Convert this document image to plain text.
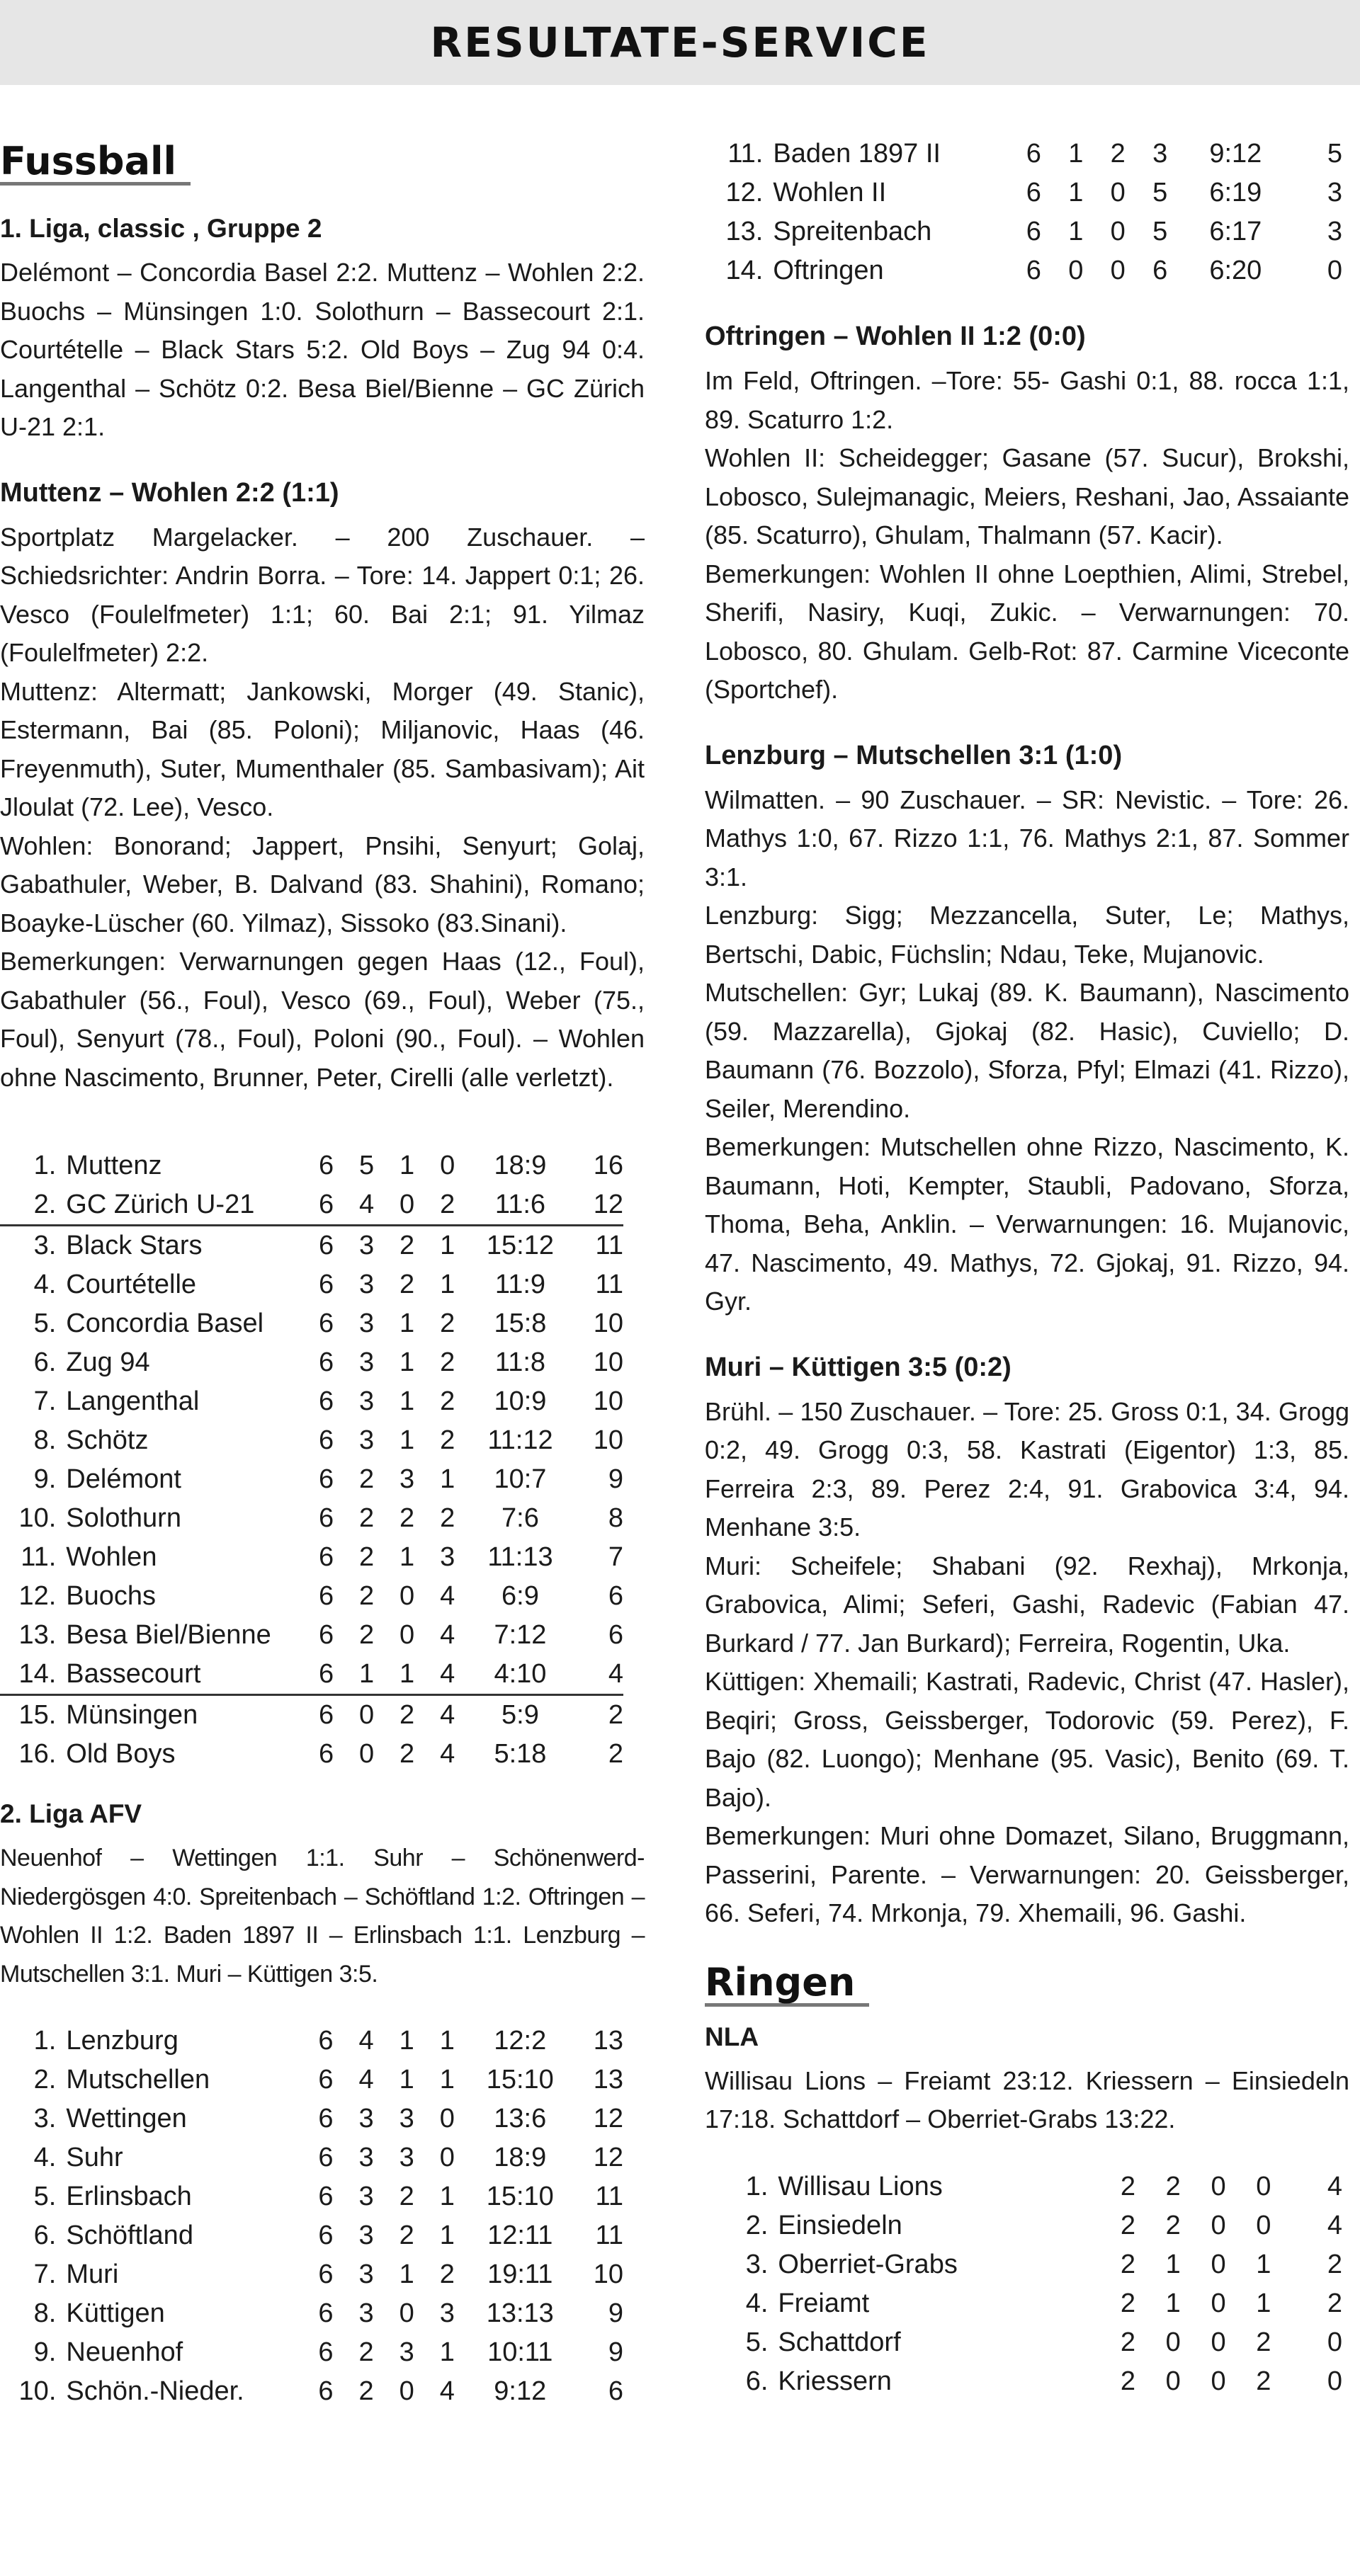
RESULTATE-SERVICE
Fussball
1. Liga, classic , Gruppe 2

Delémont – Concordia Basel 2:2. Muttenz – Wohlen 2:2. Buochs – Münsingen 1:0. Solothurn – Bassecourt 2:1. Courtételle – Black Stars 5:2. Old Boys – Zug 94 0:4. Langenthal – Schötz 0:2. Besa Biel/Bienne – GC Zürich U-21 2:1.

Muttenz – Wohlen 2:2 (1:1)

Sportplatz Margelacker. – 200 Zuschauer. – Schiedsrichter: Andrin Borra. – Tore: 14. Jappert 0:1; 26. Vesco (Foulelfmeter) 1:1; 60. Bai 2:1; 91. Yilmaz (Foulelfmeter) 2:2.

Muttenz: Altermatt; Jankowski, Morger (49. Stanic), Estermann, Bai (85. Poloni); Miljanovic, Haas (46. Freyenmuth), Suter, Mumenthaler (85. Sambasivam); Ait Jloulat (72. Lee), Vesco.

Wohlen: Bonorand; Jappert, Pnsihi, Senyurt; Golaj, Gabathuler, Weber, B. Dalvand (83. Shahini), Romano; Boayke-Lüscher (60. Yilmaz), Sissoko (83.Sinani).

Bemerkungen: Verwarnungen gegen Haas (12., Foul), Gabathuler (56., Foul), Vesco (69., Foul), Weber (75., Foul), Senyurt (78., Foul), Poloni (90., Foul). – Wohlen ohne Nascimento, Brunner, Peter, Cirelli (alle verletzt).

1.	Muttenz	6	5	1	0	18:9	16
2.	GC Zürich U-21	6	4	0	2	11:6	12
3.	Black Stars	6	3	2	1	15:12	11
4.	Courtételle	6	3	2	1	11:9	11
5.	Concordia Basel	6	3	1	2	15:8	10
6.	Zug 94	6	3	1	2	11:8	10
7.	Langenthal	6	3	1	2	10:9	10
8.	Schötz	6	3	1	2	11:12	10
9.	Delémont	6	2	3	1	10:7	9
10.	Solothurn	6	2	2	2	7:6	8
11.	Wohlen	6	2	1	3	11:13	7
12.	Buochs	6	2	0	4	6:9	6
13.	Besa Biel/Bienne	6	2	0	4	7:12	6
14.	Bassecourt	6	1	1	4	4:10	4
15.	Münsingen	6	0	2	4	5:9	2
16.	Old Boys	6	0	2	4	5:18	2
2. Liga AFV

Neuenhof – Wettingen 1:1. Suhr – Schönenwerd-Niedergösgen 4:0. Spreitenbach – Schöftland 1:2. Oftringen – Wohlen II 1:2. Baden 1897 II – Erlinsbach 1:1. Lenzburg – Mutschellen 3:1. Muri – Küttigen 3:5.

1.	Lenzburg	6	4	1	1	12:2	13
2.	Mutschellen	6	4	1	1	15:10	13
3.	Wettingen	6	3	3	0	13:6	12
4.	Suhr	6	3	3	0	18:9	12
5.	Erlinsbach	6	3	2	1	15:10	11
6.	Schöftland	6	3	2	1	12:11	11
7.	Muri	6	3	1	2	19:11	10
8.	Küttigen	6	3	0	3	13:13	9
9.	Neuenhof	6	2	3	1	10:11	9
10.	Schön.-Nieder.	6	2	0	4	9:12	6
11.	Baden 1897 II	6	1	2	3	9:12	5
12.	Wohlen II	6	1	0	5	6:19	3
13.	Spreitenbach	6	1	0	5	6:17	3
14.	Oftringen	6	0	0	6	6:20	0
Oftringen – Wohlen II 1:2 (0:0)

Im Feld, Oftringen. –Tore: 55- Gashi 0:1, 88. rocca 1:1, 89. Scaturro 1:2.

Wohlen II: Scheidegger; Gasane (57. Sucur), Brokshi, Lobosco, Sulejmanagic, Meiers, Reshani, Jao, Assaiante (85. Scaturro), Ghulam, Thalmann (57. Kacir).

Bemerkungen: Wohlen II ohne Loepthien, Alimi, Strebel, Sherifi, Nasiry, Kuqi, Zukic. – Verwarnungen: 70. Lobosco, 80. Ghulam. Gelb-Rot: 87. Carmine Viceconte (Sportchef).

Lenzburg – Mutschellen 3:1 (1:0)

Wilmatten. – 90 Zuschauer. – SR: Nevistic. – Tore: 26. Mathys 1:0, 67. Rizzo 1:1, 76. Mathys 2:1, 87. Sommer 3:1.

Lenzburg: Sigg; Mezzancella, Suter, Le; Mathys, Bertschi, Dabic, Füchslin; Ndau, Teke, Mujanovic.

Mutschellen: Gyr; Lukaj (89. K. Baumann), Nascimento (59. Mazzarella), Gjokaj (82. Hasic), Cuviello; D. Baumann (76. Bozzolo), Sforza, Pfyl; Elmazi (41. Rizzo), Seiler, Merendino.

Bemerkungen: Mutschellen ohne Rizzo, Nascimento, K. Baumann, Hoti, Kempter, Staubli, Padovano, Sforza, Thoma, Beha, Anklin. – Verwarnungen: 16. Mujanovic, 47. Nascimento, 49. Mathys, 72. Gjokaj, 91. Rizzo, 94. Gyr.

Muri – Küttigen 3:5 (0:2)

Brühl. – 150 Zuschauer. – Tore: 25. Gross 0:1, 34. Grogg 0:2, 49. Grogg 0:3, 58. Kastrati (Eigentor) 1:3, 85. Ferreira 2:3, 89. Perez 2:4, 91. Grabovica 3:4, 94. Menhane 3:5.

Muri: Scheifele; Shabani (92. Rexhaj), Mrkonja, Grabovica, Alimi; Seferi, Gashi, Radevic (Fabian 47. Burkard / 77. Jan Burkard); Ferreira, Rogentin, Uka.

Küttigen: Xhemaili; Kastrati, Radevic, Christ (47. Hasler), Beqiri; Gross, Geissberger, Todorovic (59. Perez), F. Bajo (82. Luongo); Menhane (95. Vasic), Benito (69. T. Bajo).

Bemerkungen: Muri ohne Domazet, Silano, Bruggmann, Passerini, Parente. – Verwarnungen: 20. Geissberger, 66. Seferi, 74. Mrkonja, 79. Xhemaili, 96. Gashi.

Ringen
NLA

Willisau Lions – Freiamt 23:12. Kriessern – Einsiedeln 17:18. Schattdorf – Oberriet-Grabs 13:22.

1.	Willisau Lions	2	2	0	0	4
2.	Einsiedeln	2	2	0	0	4
3.	Oberriet-Grabs	2	1	0	1	2
4.	Freiamt	2	1	0	1	2
5.	Schattdorf	2	0	0	2	0
6.	Kriessern	2	0	0	2	0
